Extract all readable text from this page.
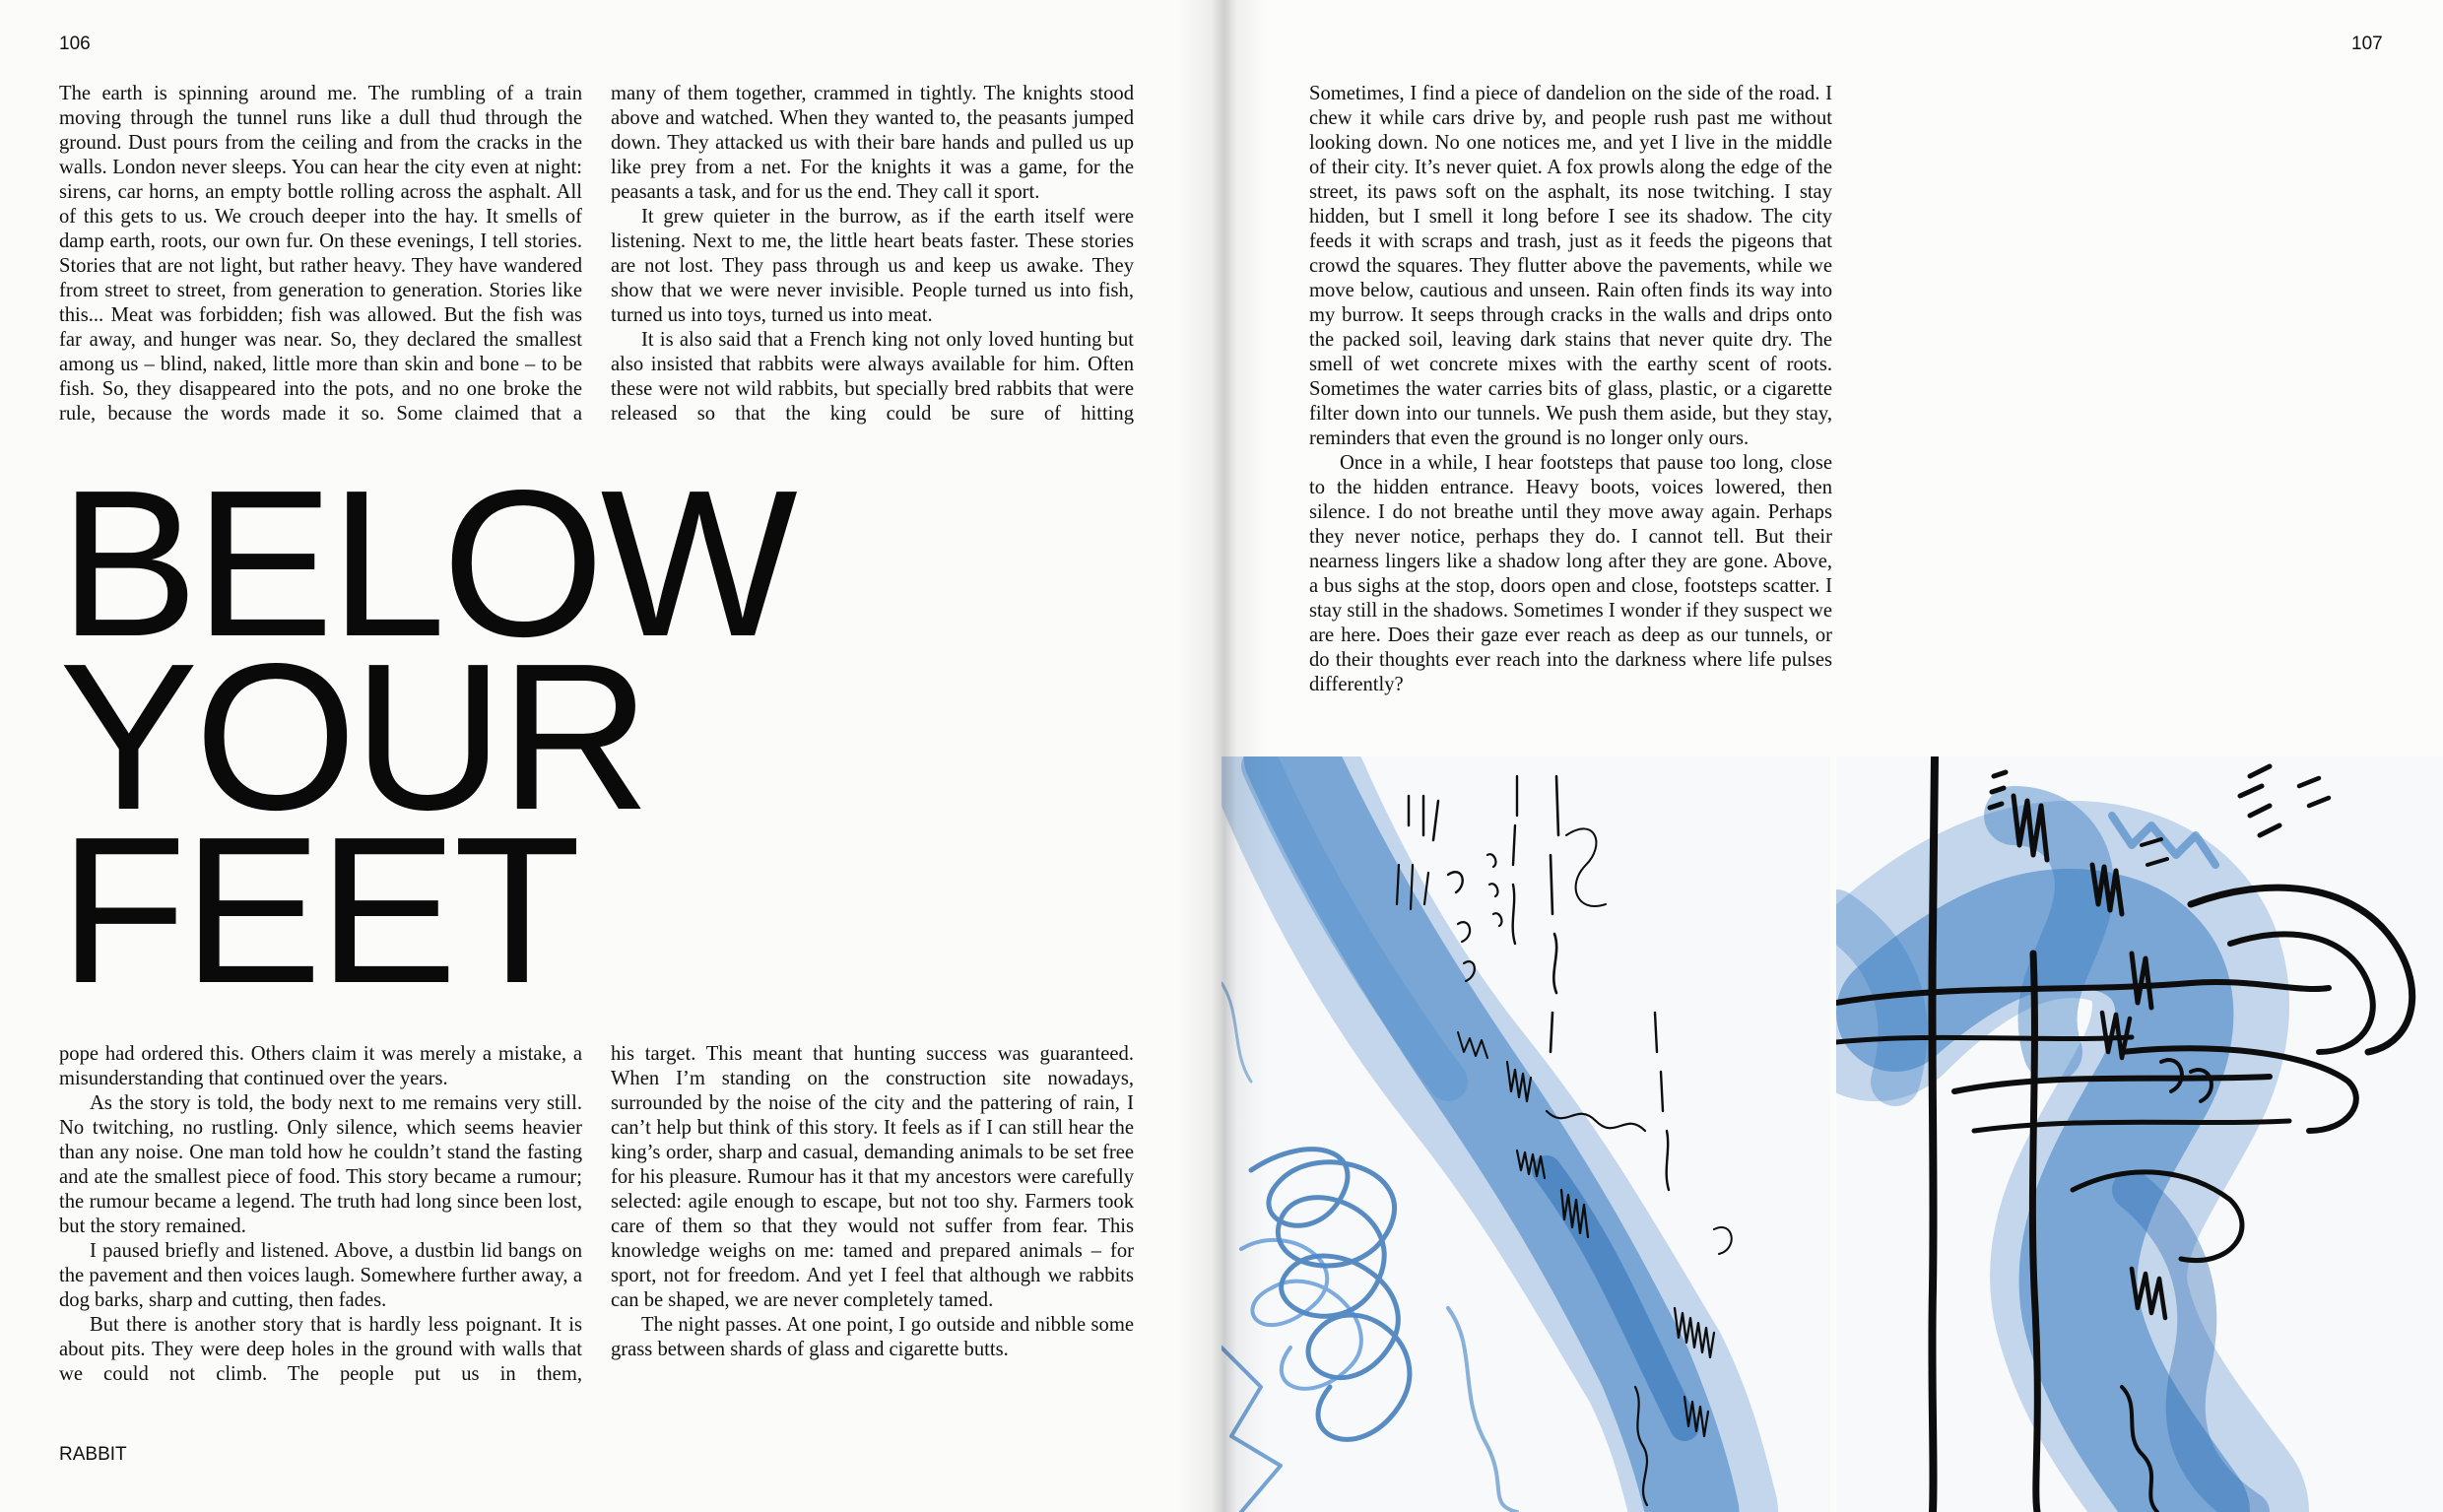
106	107

The earth is spinning around me. The rumbling of a train moving through the tunnel runs like a dull thud through the ground. Dust pours from the ceiling and from the cracks in the walls. London never sleeps. You can hear the city even at night: sirens, car horns, an empty bottle rolling across the asphalt. All of this gets to us. We crouch deeper into the hay. It smells of damp earth, roots, our own fur. On these evenings, I tell stories. Stories that are not light, but rather heavy. They have wandered from street to street, from generation to generation. Stories like this... Meat was forbidden; fish was allowed. But the fish was far away, and hunger was near. So, they declared the smallest among us – blind, naked, little more than skin and bone – to be fish. So, they disappeared into the pots, and no one broke the rule, because the words made it so. Some claimed that a

many of them together, crammed in tightly. The knights stood above and watched. When they wanted to, the peasants jumped down. They attacked us with their bare hands and pulled us up like prey from a net. For the knights it was a game, for the peasants a task, and for us the end. They call it sport.

It grew quieter in the burrow, as if the earth itself were listening. Next to me, the little heart beats faster. These stories are not lost. They pass through us and keep us awake. They show that we were never invisible. People turned us into fish, turned us into toys, turned us into meat.

It is also said that a French king not only loved hunting but also insisted that rabbits were always available for him. Often these were not wild rabbits, but specially bred rabbits that were released so that the king could be sure of hitting

BELOW
YOUR
FEET

pope had ordered this. Others claim it was merely a mistake, a misunderstanding that continued over the years.

As the story is told, the body next to me remains very still. No twitching, no rustling. Only silence, which seems heavier than any noise. One man told how he couldn’t stand the fasting and ate the smallest piece of food. This story became a rumour; the rumour became a legend. The truth had long since been lost, but the story remained.

I paused briefly and listened. Above, a dustbin lid bangs on the pavement and then voices laugh. Somewhere further away, a dog barks, sharp and cutting, then fades.

But there is another story that is hardly less poignant. It is about pits. They were deep holes in the ground with walls that we could not climb. The people put us in them,

his target. This meant that hunting success was guaranteed. When I’m standing on the construction site nowadays, surrounded by the noise of the city and the pattering of rain, I can’t help but think of this story. It feels as if I can still hear the king’s order, sharp and casual, demanding animals to be set free for his pleasure. Rumour has it that my ancestors were carefully selected: agile enough to escape, but not too shy. Farmers took care of them so that they would not suffer from fear. This knowledge weighs on me: tamed and prepared animals – for sport, not for freedom. And yet I feel that although we rabbits can be shaped, we are never completely tamed.

The night passes. At one point, I go outside and nibble some grass between shards of glass and cigarette butts.

RABBIT

Sometimes, I find a piece of dandelion on the side of the road. I chew it while cars drive by, and people rush past me without looking down. No one notices me, and yet I live in the middle of their city. It’s never quiet. A fox prowls along the edge of the street, its paws soft on the asphalt, its nose twitching. I stay hidden, but I smell it long before I see its shadow. The city feeds it with scraps and trash, just as it feeds the pigeons that crowd the squares. They flutter above the pavements, while we move below, cautious and unseen. Rain often finds its way into my burrow. It seeps through cracks in the walls and drips onto the packed soil, leaving dark stains that never quite dry. The smell of wet concrete mixes with the earthy scent of roots. Sometimes the water carries bits of glass, plastic, or a cigarette filter down into our tunnels. We push them aside, but they stay, reminders that even the ground is no longer only ours.

Once in a while, I hear footsteps that pause too long, close to the hidden entrance. Heavy boots, voices lowered, then silence. I do not breathe until they move away again. Perhaps they never notice, perhaps they do. I cannot tell. But their nearness lingers like a shadow long after they are gone. Above, a bus sighs at the stop, doors open and close, footsteps scatter. I stay still in the shadows. Sometimes I wonder if they suspect we are here. Does their gaze ever reach as deep as our tunnels, or do their thoughts ever reach into the darkness where life pulses differently?
